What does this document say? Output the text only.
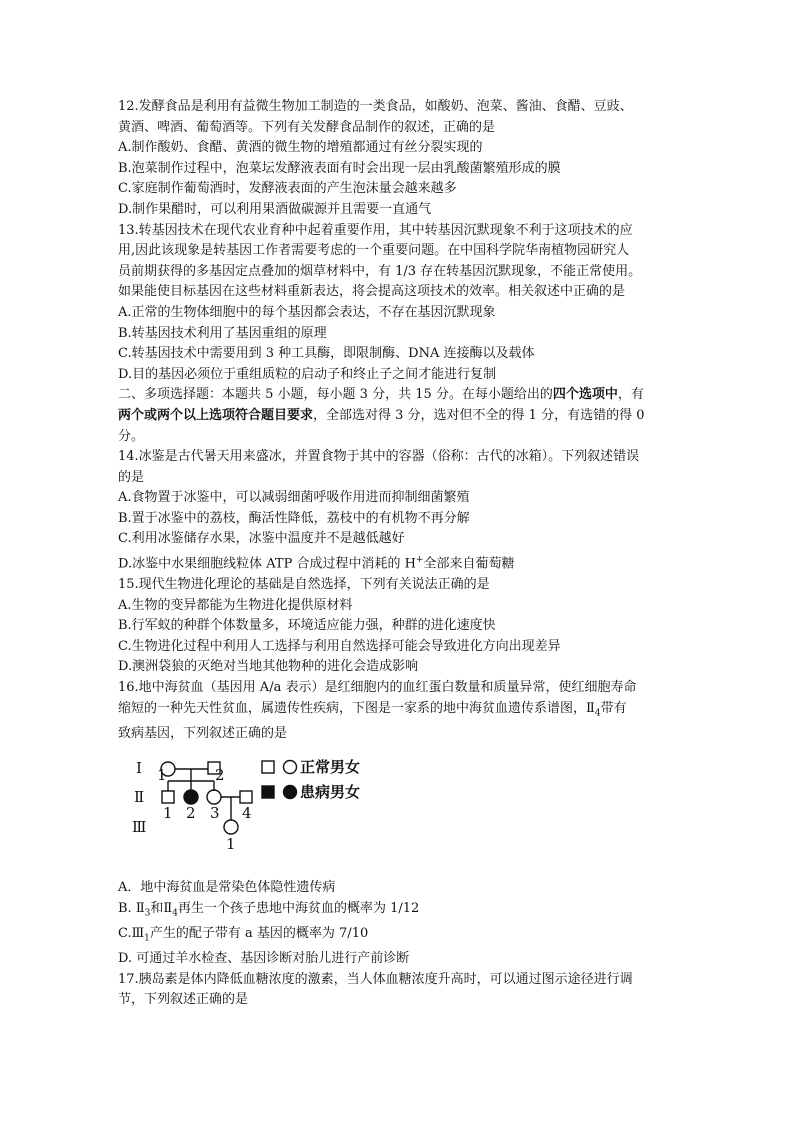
12.发酵食品是利用有益微生物加工制造的一类食品，如酸奶、泡菜、酱油、食醋、豆豉、
黄酒、啤酒、葡萄酒等。下列有关发酵食品制作的叙述，正确的是
A.制作酸奶、食醋、黄酒的微生物的增殖都通过有丝分裂实现的
B.泡菜制作过程中，泡菜坛发酵液表面有时会出现一层由乳酸菌繁殖形成的膜
C.家庭制作葡萄酒时，发酵液表面的产生泡沫量会越来越多
D.制作果醋时，可以利用果酒做碳源并且需要一直通气
13.转基因技术在现代农业育种中起着重要作用，其中转基因沉默现象不利于这项技术的应
用,因此该现象是转基因工作者需要考虑的一个重要问题。在中国科学院华南植物园研究人
员前期获得的多基因定点叠加的烟草材料中，有 1/3 存在转基因沉默现象，不能正常使用。
如果能使目标基因在这些材料重新表达，将会提高这项技术的效率。相关叙述中正确的是
A.正常的生物体细胞中的每个基因都会表达，不存在基因沉默现象
B.转基因技术利用了基因重组的原理
C.转基因技术中需要用到 3 种工具酶，即限制酶、DNA 连接酶以及载体
D.目的基因必须位于重组质粒的启动子和终止子之间才能进行复制
二、多项选择题：本题共 5 小题，每小题 3 分，共 15 分。在每小题给出的四个选项中，有
两个或两个以上选项符合题目要求，全部选对得 3 分，选对但不全的得 1 分，有选错的得 0
分。
14.冰鉴是古代暑天用来盛冰，并置食物于其中的容器（俗称：古代的冰箱）。下列叙述错误
的是
A.食物置于冰鉴中，可以减弱细菌呼吸作用进而抑制细菌繁殖
B.置于冰鉴中的荔枝，酶活性降低，荔枝中的有机物不再分解
C.利用冰鉴储存水果，冰鉴中温度并不是越低越好
D.冰鉴中水果细胞线粒体 ATP 合成过程中消耗的 H+全部来自葡萄糖
15.现代生物进化理论的基础是自然选择，下列有关说法正确的是
A.生物的变异都能为生物进化提供原材料
B.行军蚁的种群个体数量多，环境适应能力强，种群的进化速度快
C.生物进化过程中利用人工选择与利用自然选择可能会导致进化方向出现差异
D.澳洲袋狼的灭绝对当地其他物种的进化会造成影响
16.地中海贫血（基因用 A/a 表示）是红细胞内的血红蛋白数量和质量异常，使红细胞寿命
缩短的一种先天性贫血，属遗传性疾病，下图是一家系的地中海贫血遗传系谱图，$Ⅱ_4$带有
致病基因，下列叙述正确的是
Ⅰ
Ⅱ
Ⅲ
1	2
1 2 3 4
1
正常男女
患病男女
A．地中海贫血是常染色体隐性遗传病
B. $Ⅱ_3$和$Ⅱ_4$再生一个孩子患地中海贫血的概率为 1/12
$C.Ⅲ_1$产生的配子带有 a 基因的概率为 7/10
D. 可通过羊水检查、基因诊断对胎儿进行产前诊断
17.胰岛素是体内降低血糖浓度的激素，当人体血糖浓度升高时，可以通过图示途径进行调
节，下列叙述正确的是
